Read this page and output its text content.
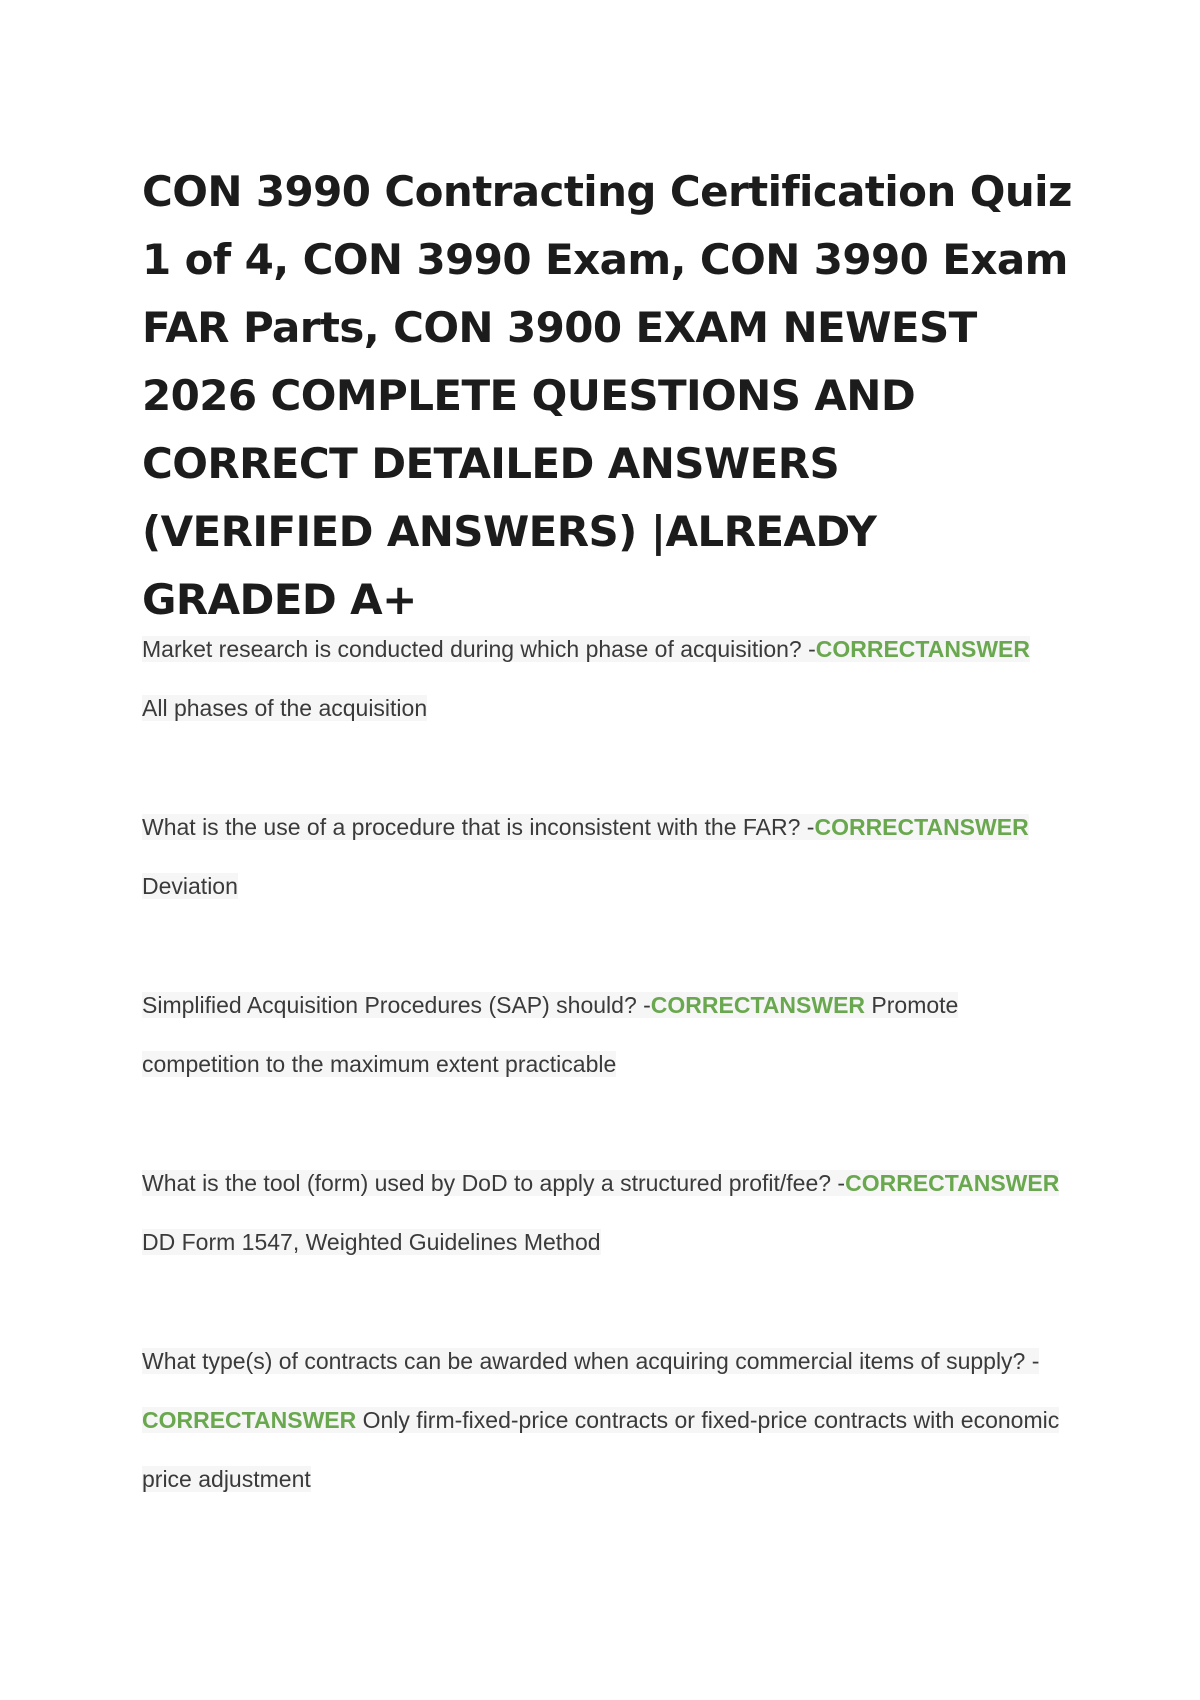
CON 3990 Contracting Certification Quiz 1 of 4, CON 3990 Exam, CON 3990 Exam FAR Parts, CON 3900 EXAM NEWEST 2026 COMPLETE QUESTIONS AND CORRECT DETAILED ANSWERS (VERIFIED ANSWERS) |ALREADY GRADED A+

Market research is conducted during which phase of acquisition? -CORRECTANSWER
All phases of the acquisition

What is the use of a procedure that is inconsistent with the FAR? -CORRECTANSWER
Deviation

Simplified Acquisition Procedures (SAP) should? -CORRECTANSWER Promote competition to the maximum extent practicable

What is the tool (form) used by DoD to apply a structured profit/fee? -CORRECTANSWER DD Form 1547, Weighted Guidelines Method

What type(s) of contracts can be awarded when acquiring commercial items of supply? -CORRECTANSWER Only firm-fixed-price contracts or fixed-price contracts with economic price adjustment
